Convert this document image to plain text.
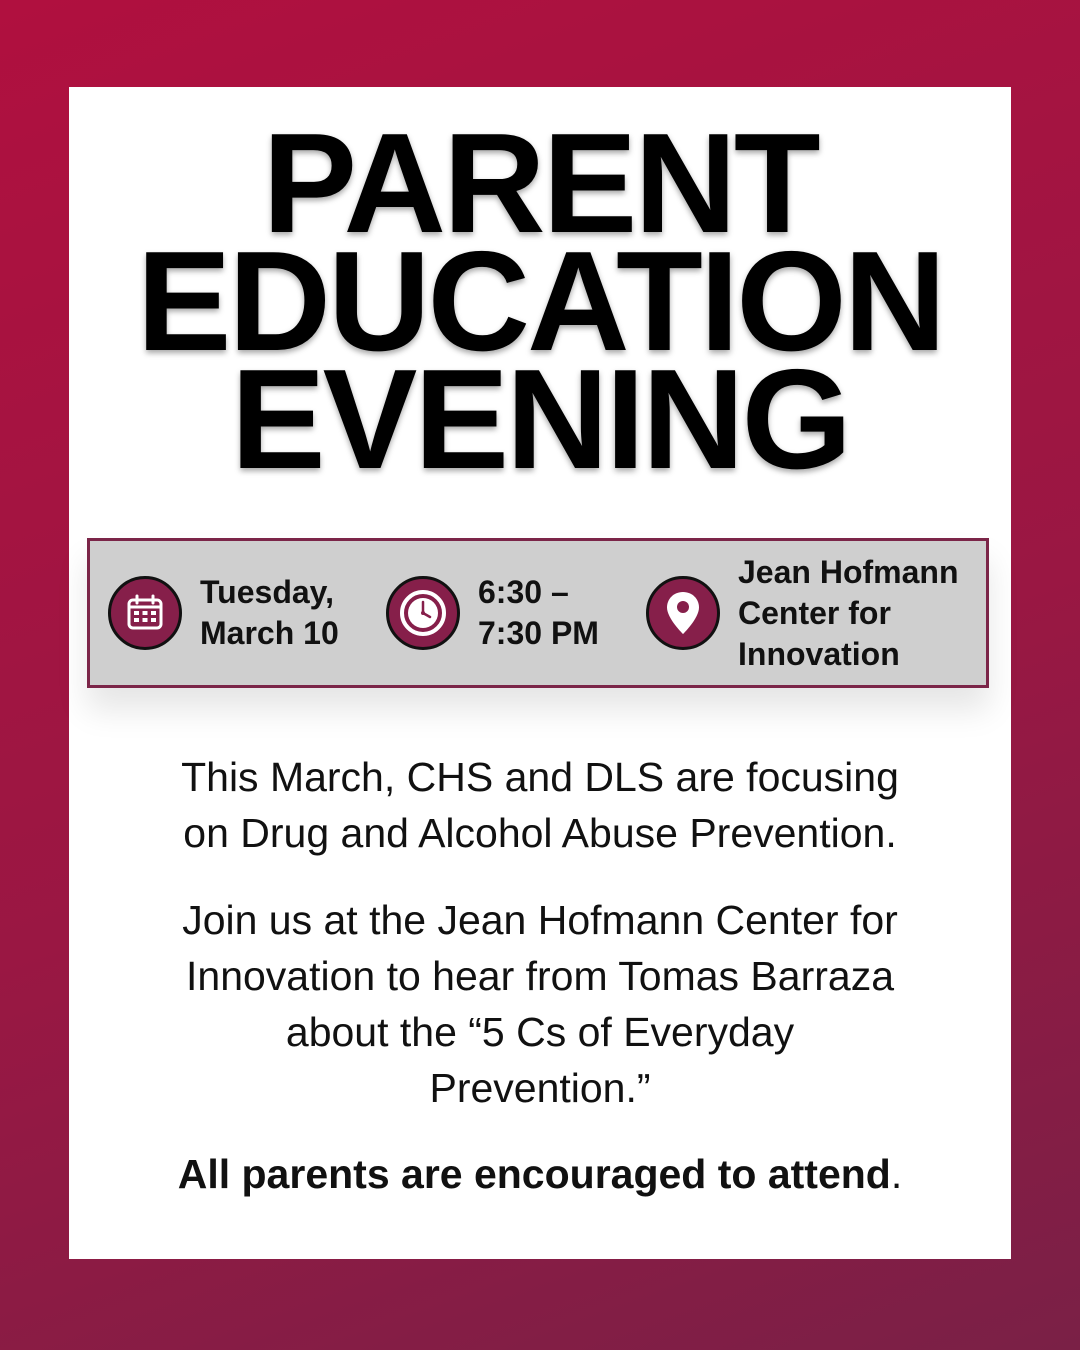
PARENT
EDUCATION
EVENING
Tuesday,
March 10
6:30 –
7:30 PM
Jean Hofmann
Center for
Innovation

This March, CHS and DLS are focusing
on Drug and Alcohol Abuse Prevention.

Join us at the Jean Hofmann Center for
Innovation to hear from Tomas Barraza
about the “5 Cs of Everyday
Prevention.”

All parents are encouraged to attend.
